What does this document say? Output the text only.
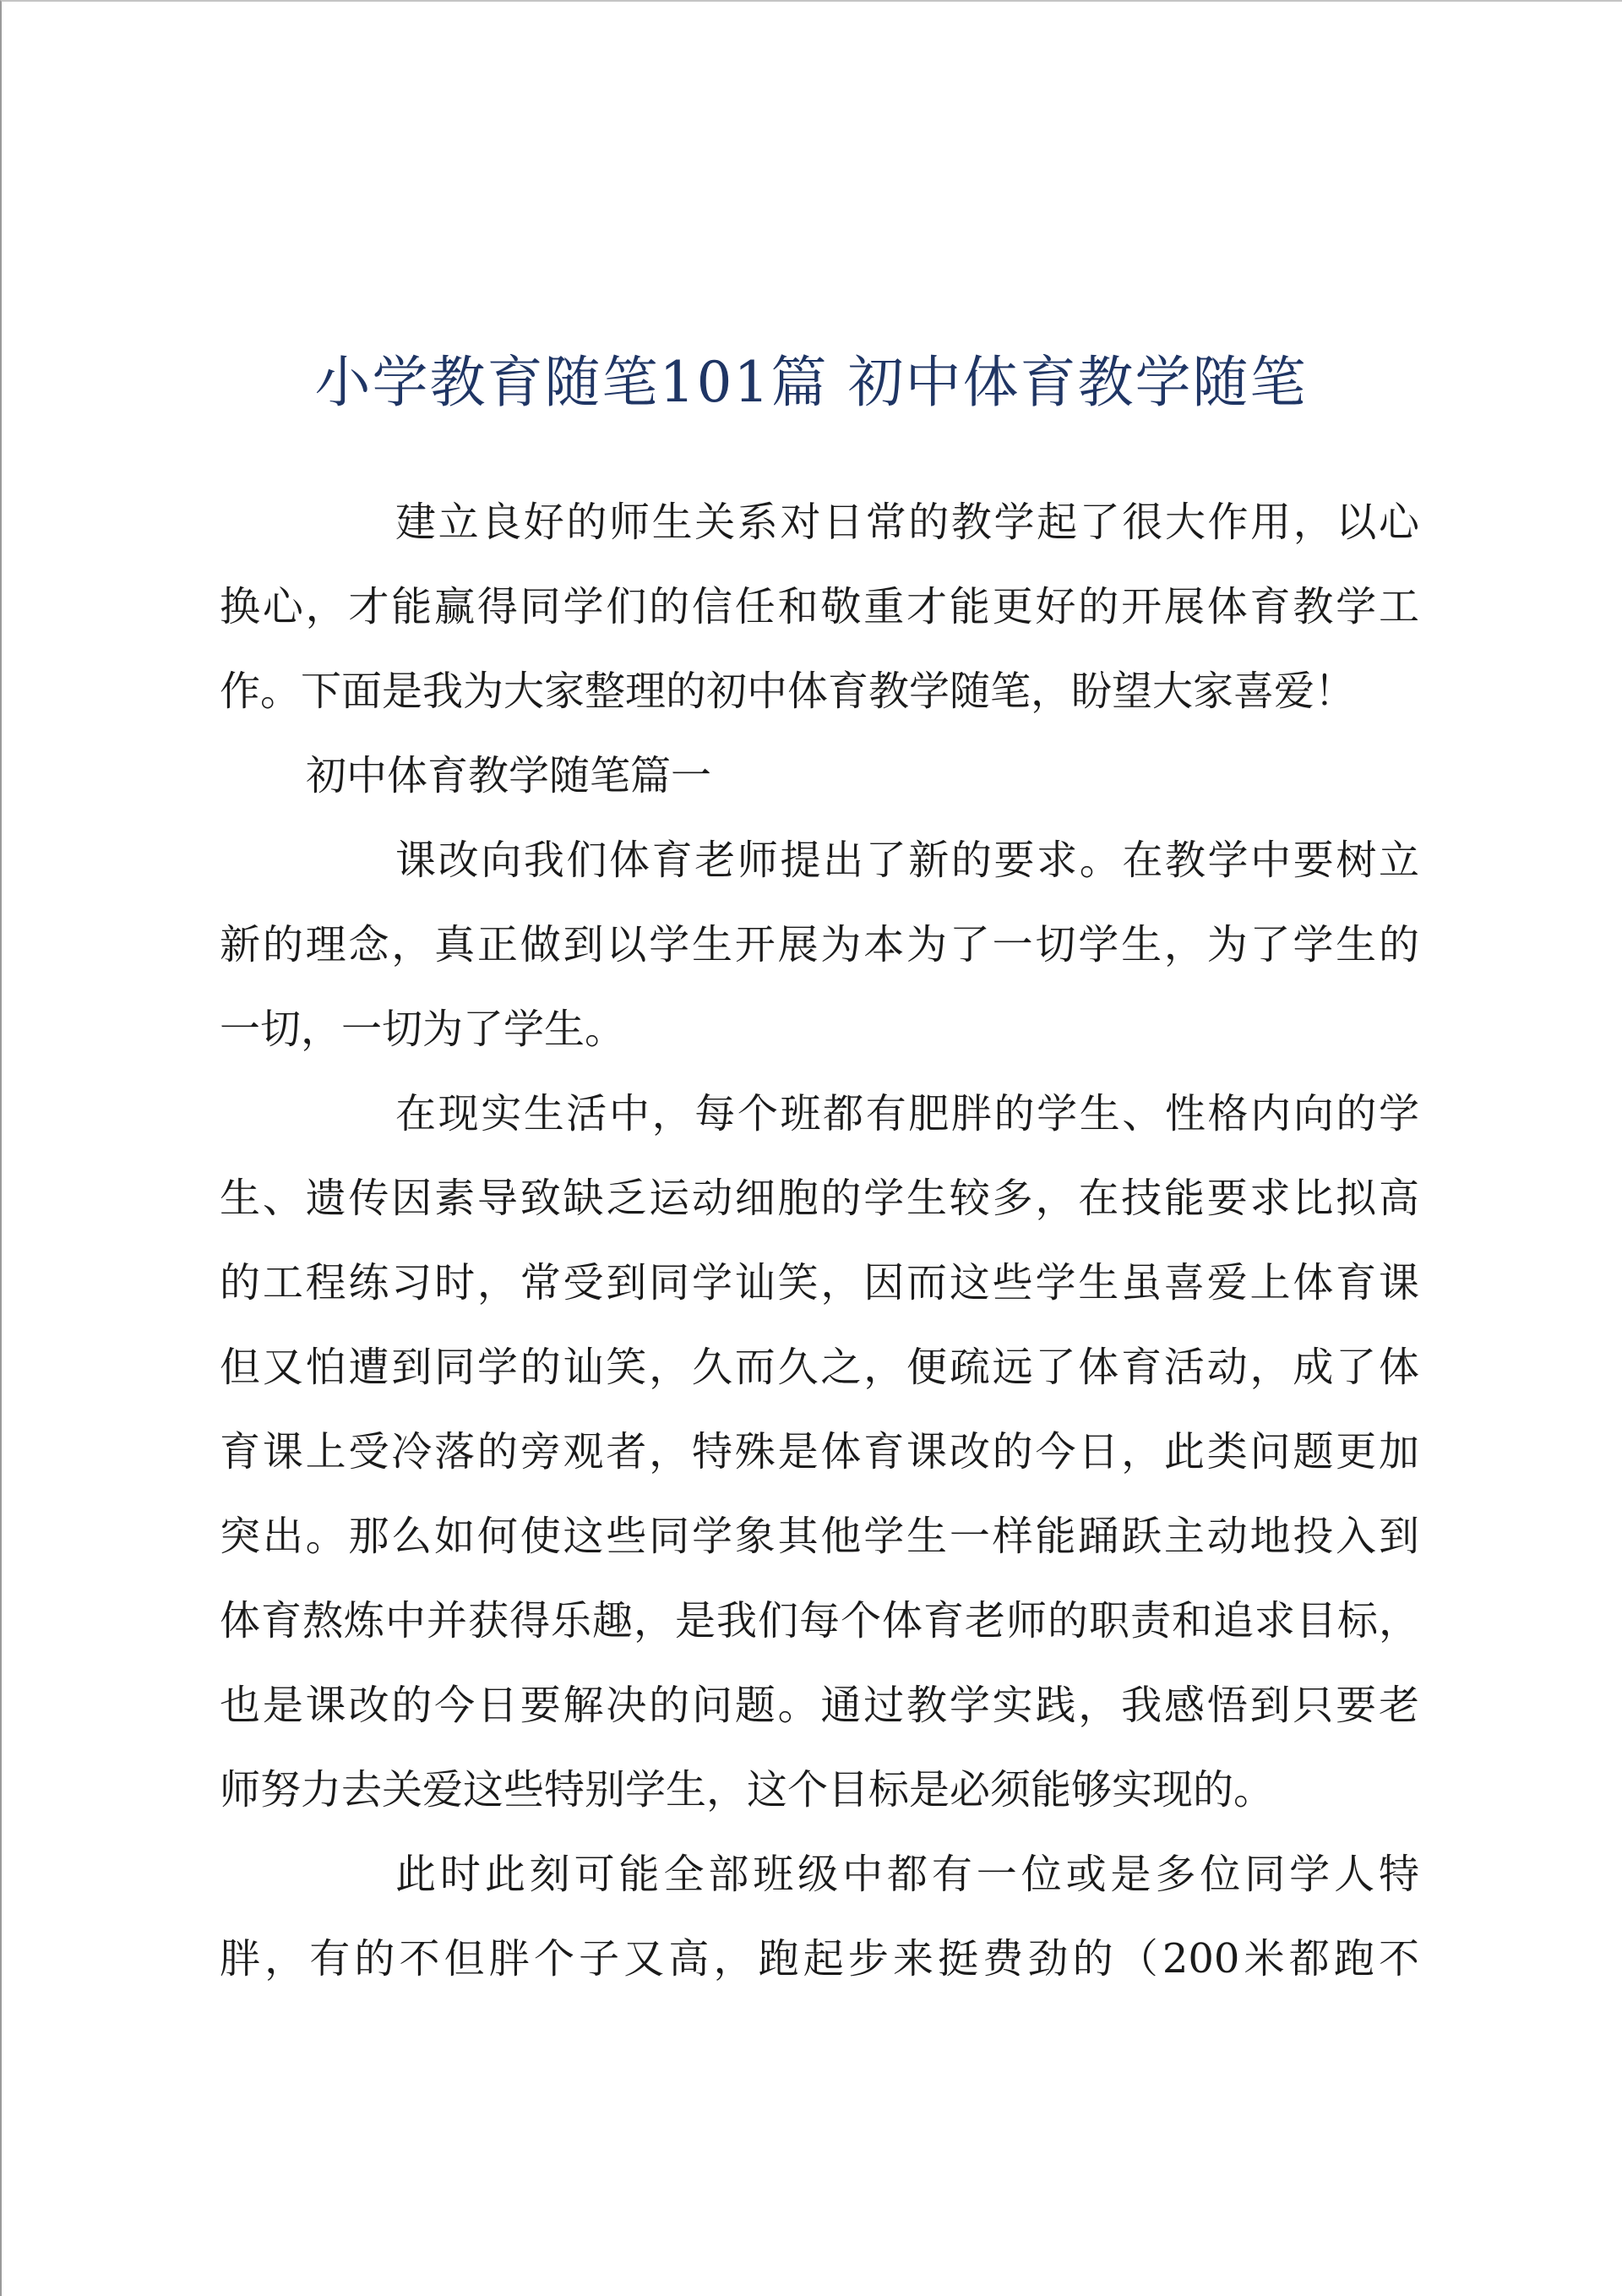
小学教育随笔101篇 初中体育教学随笔
建立良好的师生关系对日常的教学起了很大作用，以心
换心，才能赢得同学们的信任和敬重才能更好的开展体育教学工
作。下面是我为大家整理的初中体育教学随笔，盼望大家喜爱！
初中体育教学随笔篇一
课改向我们体育老师提出了新的要求。在教学中要树立
新的理念，真正做到以学生开展为本为了一切学生，为了学生的
一切，一切为了学生。
在现实生活中，每个班都有肥胖的学生、性格内向的学
生、遗传因素导致缺乏运动细胞的学生较多，在技能要求比拟高
的工程练习时，常受到同学讪笑，因而这些学生虽喜爱上体育课
但又怕遭到同学的讪笑，久而久之，便疏远了体育活动，成了体
育课上受冷落的旁观者，特殊是体育课改的今日，此类问题更加
突出。那么如何使这些同学象其他学生一样能踊跃主动地投入到
体育熬炼中并获得乐趣，是我们每个体育老师的职责和追求目标，
也是课改的今日要解决的问题。通过教学实践，我感悟到只要老
师努力去关爱这些特别学生，这个目标是必须能够实现的。
此时此刻可能全部班级中都有一位或是多位同学人特
胖，有的不但胖个子又高，跑起步来挺费劲的（200米都跑不
